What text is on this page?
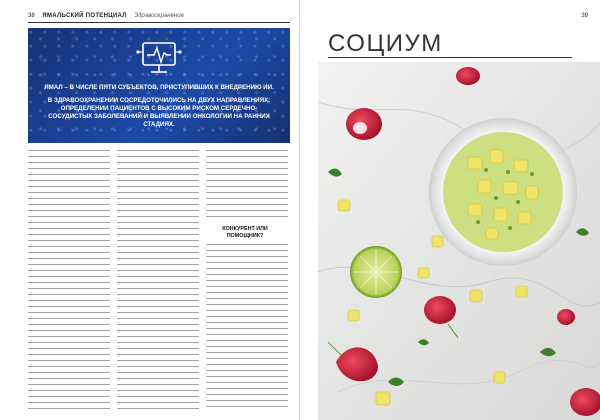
38 ЯМАЛЬСКИЙ ПОТЕНЦИАЛ Здравоохранение
ЯМАЛ – В ЧИСЛЕ ПЯТИ СУБЪЕКТОВ, ПРИСТУПИВШИХ К ВНЕДРЕНИЮ ИИ.
В ЗДРАВООХРАНЕНИИ СОСРЕДОТОЧИЛИСЬ НА ДВУХ НАПРАВЛЕНИЯХ: ОПРЕДЕЛЕНИИ ПАЦИЕНТОВ С ВЫСОКИМ РИСКОМ СЕРДЕЧНО-СОСУДИСТЫХ ЗАБОЛЕВАНИЙ И ВЫЯВЛЕНИИ ОНКОЛОГИИ НА РАННИХ СТАДИЯХ.
КОНКУРЕНТ ИЛИ ПОМОЩНИК?
39
СОЦИУМ
